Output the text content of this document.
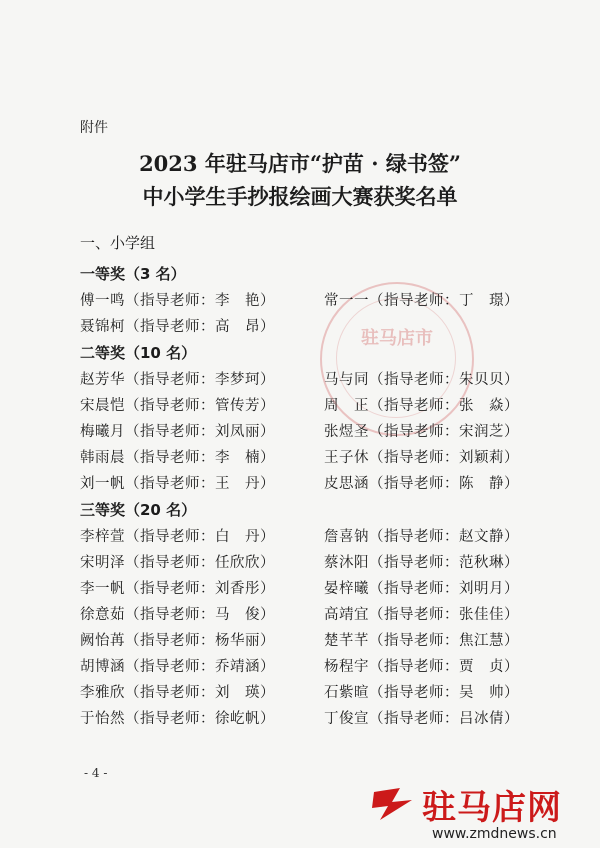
驻马店市
附件
2023 年驻马店市“护苗 · 绿书签”
中小学生手抄报绘画大赛获奖名单
一、小学组
一等奖（3 名）
傅一鸣（指导老师：李　艳）	常一一（指导老师：丁　璟）
聂锦柯（指导老师：高　昂）
二等奖（10 名）
赵芳华（指导老师：李梦珂）	马与同（指导老师：朱贝贝）
宋晨恺（指导老师：管传芳）	周　正（指导老师：张　焱）
梅曦月（指导老师：刘凤丽）	张煜圣（指导老师：宋润芝）
韩雨晨（指导老师：李　楠）	王子休（指导老师：刘颖莉）
刘一帆（指导老师：王　丹）	皮思涵（指导老师：陈　静）
三等奖（20 名）
李梓萱（指导老师：白　丹）	詹喜钠（指导老师：赵文静）
宋明泽（指导老师：任欣欣）	蔡沐阳（指导老师：范秋琳）
李一帆（指导老师：刘香彤）	晏梓曦（指导老师：刘明月）
徐意茹（指导老师：马　俊）	高靖宜（指导老师：张佳佳）
阙怡苒（指导老师：杨华丽）	楚芊芊（指导老师：焦江慧）
胡博涵（指导老师：乔靖涵）	杨程宇（指导老师：贾　贞）
李雅欣（指导老师：刘　瑛）	石紫暄（指导老师：吴　帅）
于怡然（指导老师：徐屹帆）	丁俊宣（指导老师：吕冰倩）
- 4 -
驻马店网
www.zmdnews.cn
